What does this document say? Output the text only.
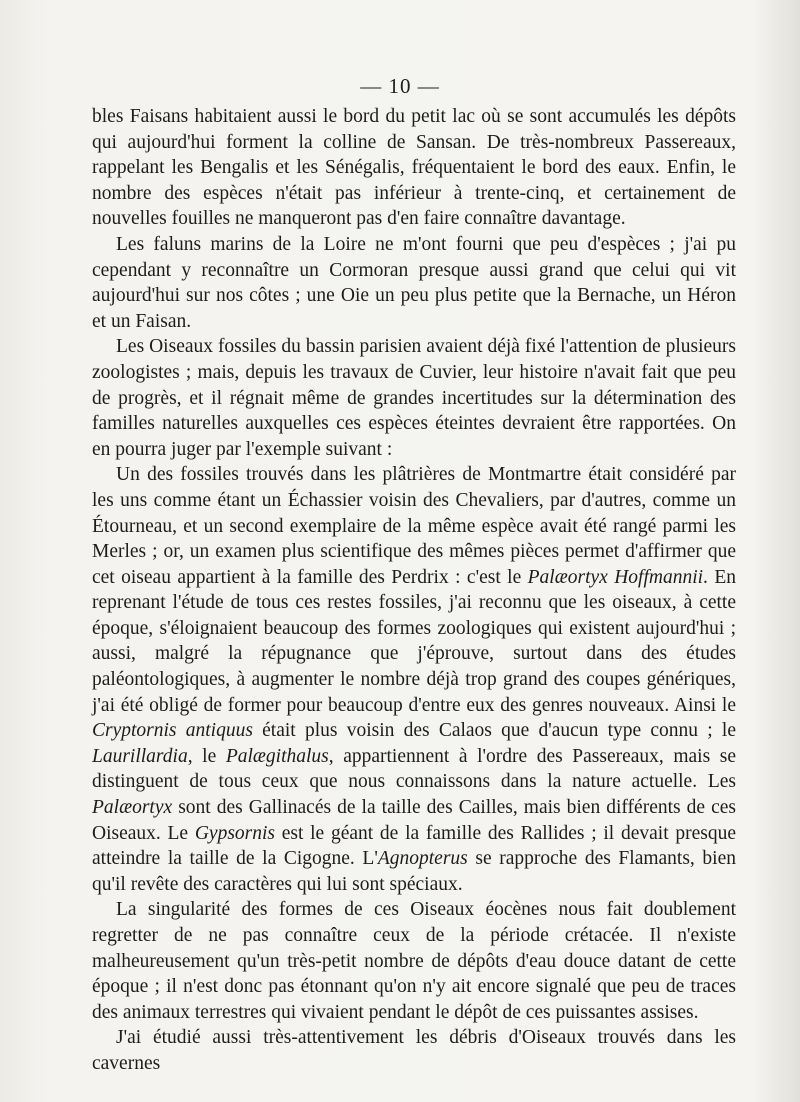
— 10 —

bles Faisans habitaient aussi le bord du petit lac où se sont accumulés les dépôts qui aujourd'hui forment la colline de Sansan. De très-nombreux Passereaux, rappelant les Bengalis et les Sénégalis, fréquentaient le bord des eaux. Enfin, le nombre des espèces n'était pas inférieur à trente-cinq, et certainement de nouvelles fouilles ne manqueront pas d'en faire connaître davantage.

Les faluns marins de la Loire ne m'ont fourni que peu d'espèces ; j'ai pu cependant y reconnaître un Cormoran presque aussi grand que celui qui vit aujourd'hui sur nos côtes ; une Oie un peu plus petite que la Bernache, un Héron et un Faisan.

Les Oiseaux fossiles du bassin parisien avaient déjà fixé l'attention de plusieurs zoologistes ; mais, depuis les travaux de Cuvier, leur histoire n'avait fait que peu de progrès, et il régnait même de grandes incertitudes sur la détermination des familles naturelles auxquelles ces espèces éteintes devraient être rapportées. On en pourra juger par l'exemple suivant :

Un des fossiles trouvés dans les plâtrières de Montmartre était considéré par les uns comme étant un Échassier voisin des Chevaliers, par d'autres, comme un Étourneau, et un second exemplaire de la même espèce avait été rangé parmi les Merles ; or, un examen plus scientifique des mêmes pièces permet d'affirmer que cet oiseau appartient à la famille des Perdrix : c'est le Palæortyx Hoffmannii. En reprenant l'étude de tous ces restes fossiles, j'ai reconnu que les oiseaux, à cette époque, s'éloignaient beaucoup des formes zoologiques qui existent aujourd'hui ; aussi, malgré la répugnance que j'éprouve, surtout dans des études paléontologiques, à augmenter le nombre déjà trop grand des coupes génériques, j'ai été obligé de former pour beaucoup d'entre eux des genres nouveaux. Ainsi le Cryptornis antiquus était plus voisin des Calaos que d'aucun type connu ; le Laurillardia, le Palægithalus, appartiennent à l'ordre des Passereaux, mais se distinguent de tous ceux que nous connaissons dans la nature actuelle. Les Palæortyx sont des Gallinacés de la taille des Cailles, mais bien différents de ces Oiseaux. Le Gypsornis est le géant de la famille des Rallides ; il devait presque atteindre la taille de la Cigogne. L'Agnopterus se rapproche des Flamants, bien qu'il revête des caractères qui lui sont spéciaux.

La singularité des formes de ces Oiseaux éocènes nous fait doublement regretter de ne pas connaître ceux de la période crétacée. Il n'existe malheureusement qu'un très-petit nombre de dépôts d'eau douce datant de cette époque ; il n'est donc pas étonnant qu'on n'y ait encore signalé que peu de traces des animaux terrestres qui vivaient pendant le dépôt de ces puissantes assises.

J'ai étudié aussi très-attentivement les débris d'Oiseaux trouvés dans les cavernes
